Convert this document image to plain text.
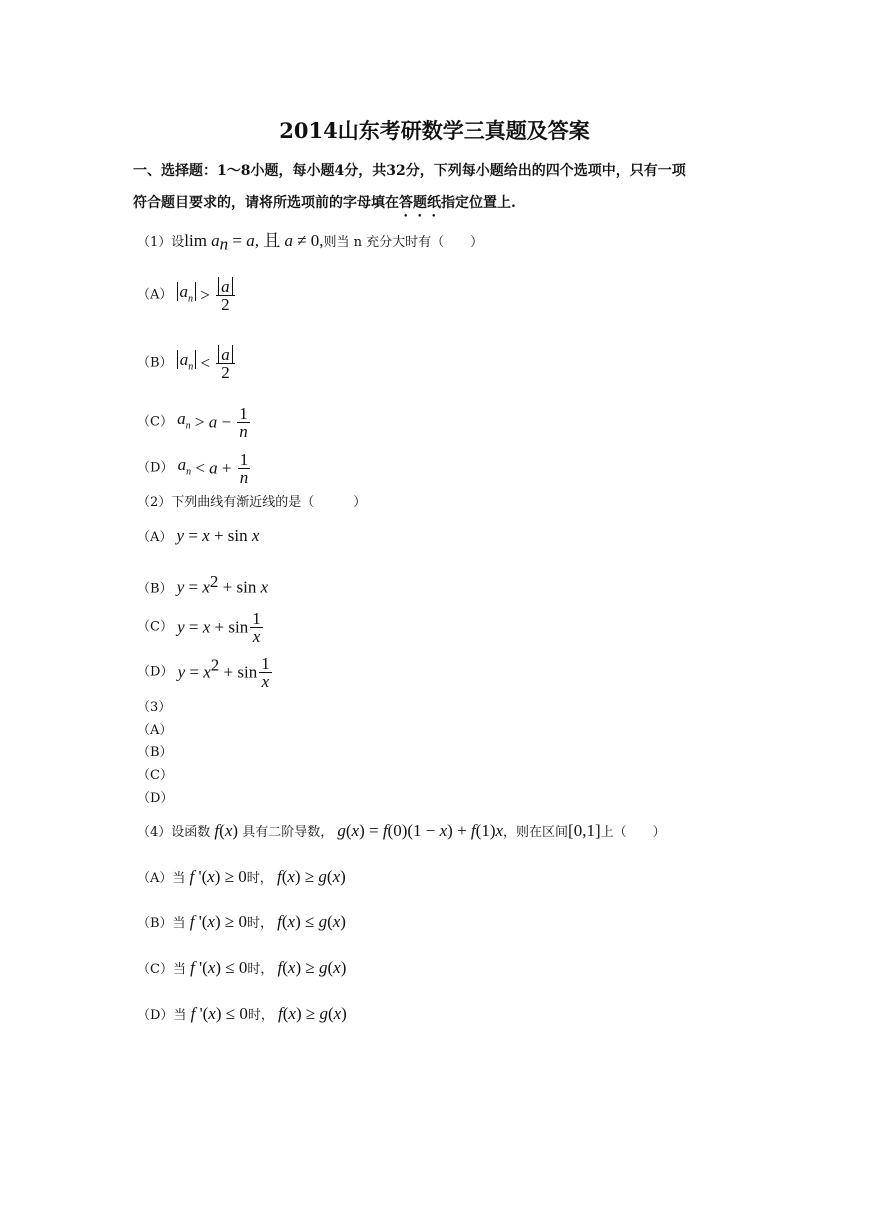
2014山东考研数学三真题及答案
一、选择题：1～8小题，每小题4分，共32分，下列每小题给出的四个选项中，只有一项
符合题目要求的，请将所选项前的字母填在答题纸指定位置上.
（1）设$\lim a_n = a$, 且 a ≠ 0,则当 n 充分大时有（　　）
（A） $a_n > \frac{a}{2}$
（B） $a_n < \frac{a}{2}$
（C） $a_n > a - \frac{1}{n}$
（D） $a_n < a + \frac{1}{n}$
（2）下列曲线有渐近线的是（　　　）
（A） y = x + sin x
（B） $y = x^2 + \sin x$
（C） $y = x + \sin \frac{1}{x}$
（D） $y = x^2 + \sin \frac{1}{x}$
（3）
（A）
（B）
（C）
（D）
（4）设函数 f(x) 具有二阶导数， g(x) = f(0)(1 − x) + f(1)x，则在区间[0,1]上（　　）
（A）当 f '(x) ≥ 0时， f(x) ≥ g(x)
（B）当 f '(x) ≥ 0时， f(x) ≤ g(x)
（C）当 f '(x) ≤ 0时， f(x) ≥ g(x)
（D）当 f '(x) ≤ 0时， f(x) ≥ g(x)
